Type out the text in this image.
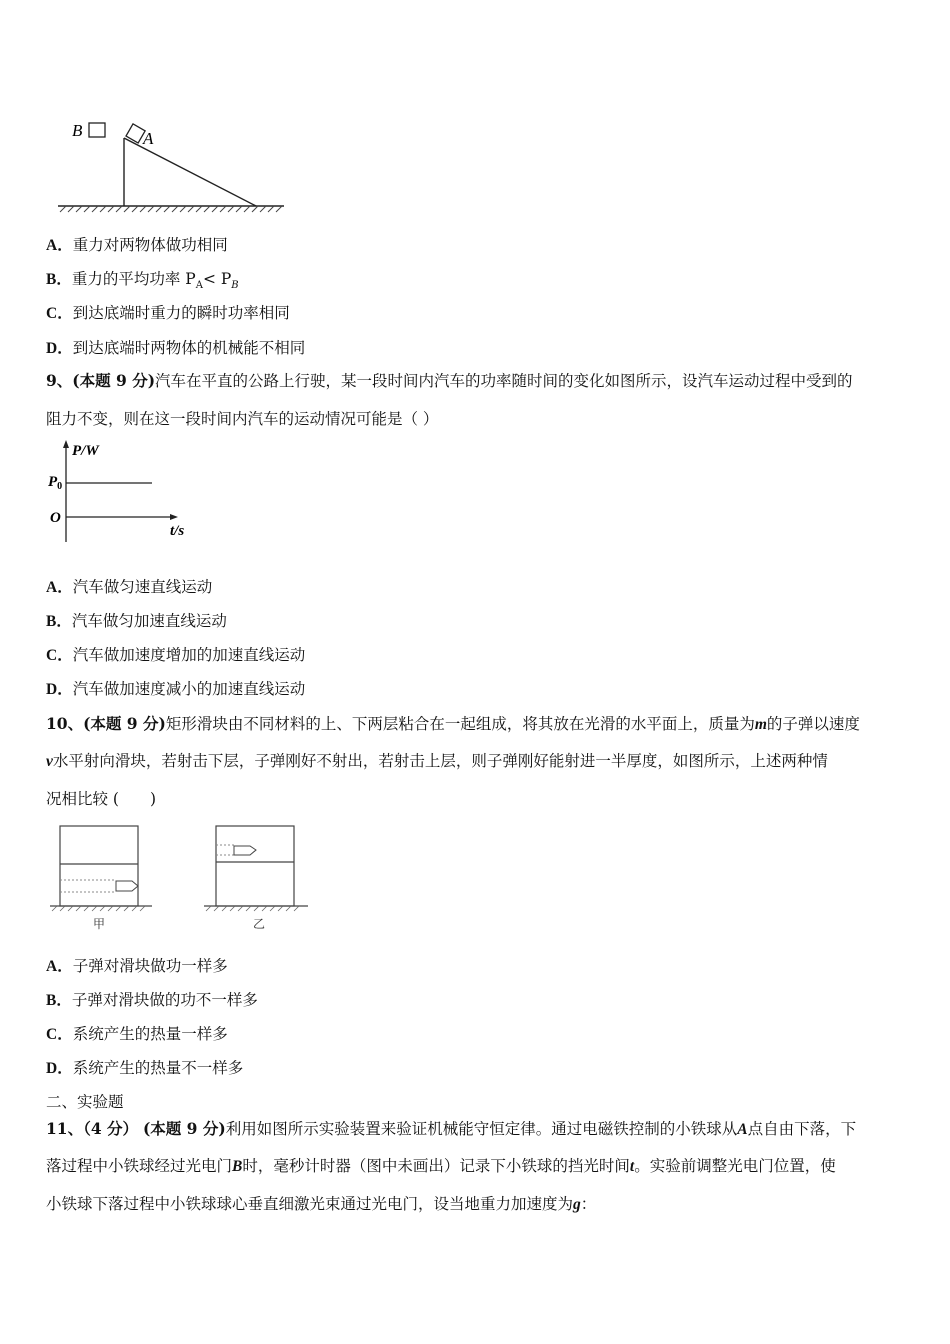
B	A
A．重力对两物体做功相同
B．重力的平均功率 $P_A< P_B$
C．到达底端时重力的瞬时功率相同
D．到达底端时两物体的机械能不相同
9、(本题 9 分)汽车在平直的公路上行驶，某一段时间内汽车的功率随时间的变化如图所示，设汽车运动过程中受到的
阻力不变，则在这一段时间内汽车的运动情况可能是（ ）
P/W
$P_0$
O
t/s
A．汽车做匀速直线运动
B．汽车做匀加速直线运动
C．汽车做加速度增加的加速直线运动
D．汽车做加速度减小的加速直线运动
10、(本题 9 分)矩形滑块由不同材料的上、下两层粘合在一起组成，将其放在光滑的水平面上，质量为m的子弹以速度
v水平射向滑块，若射击下层，子弹刚好不射出，若射击上层，则子弹刚好能射进一半厚度，如图所示，上述两种情
况相比较 (　　)
甲	乙
A．子弹对滑块做功一样多
B．子弹对滑块做的功不一样多
C．系统产生的热量一样多
D．系统产生的热量不一样多
二、实验题
11、（4 分） (本题 9 分)利用如图所示实验装置来验证机械能守恒定律。通过电磁铁控制的小铁球从A点自由下落，下
落过程中小铁球经过光电门B时，毫秒计时器（图中未画出）记录下小铁球的挡光时间t。实验前调整光电门位置，使
小铁球下落过程中小铁球球心垂直细激光束通过光电门，设当地重力加速度为g：
